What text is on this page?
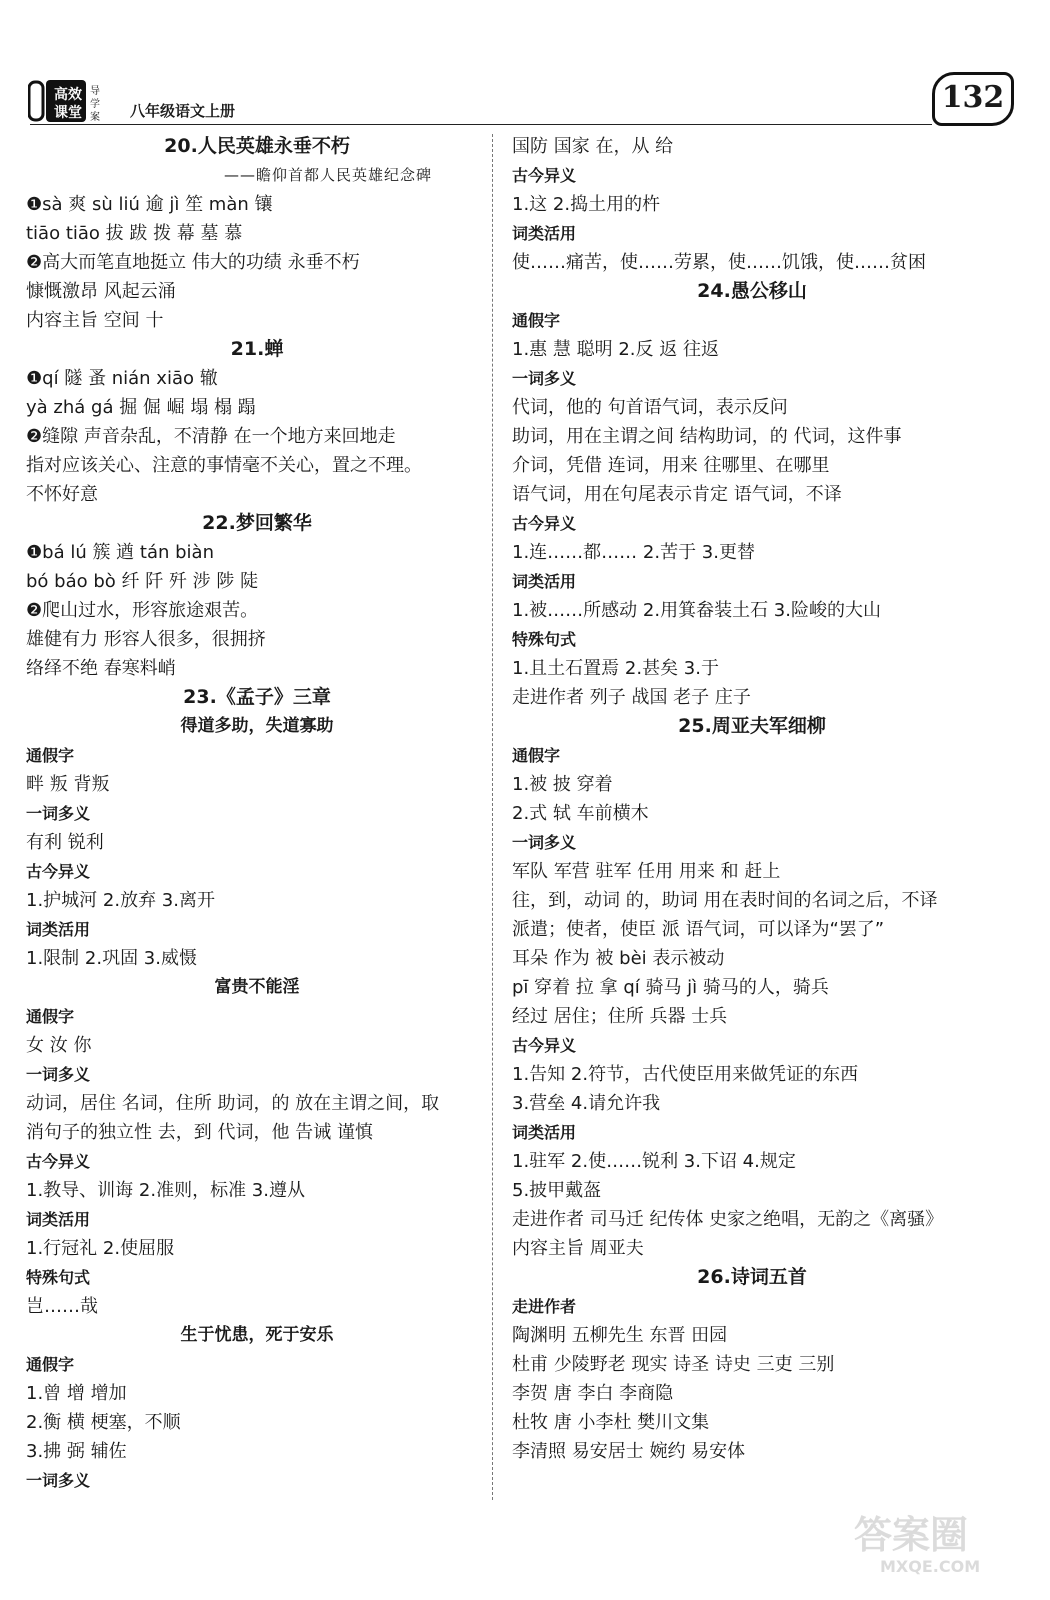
高 效
课 堂
导
学
案 八年级语文上册	132
20.人民英雄永垂不朽
——瞻仰首都人民英雄纪念碑
❶sà 爽 sù liú 逾 jì 笙 màn 镶
tiāo tiāo 拔 跋 拨 幕 墓 慕
❷高大而笔直地挺立 伟大的功绩 永垂不朽
慷慨激昂 风起云涌
内容主旨 空间 十
21.蝉
❶qí 隧 蚤 nián xiāo 辙
yà zhá gá 掘 倔 崛 塌 榻 蹋
❷缝隙 声音杂乱，不清静 在一个地方来回地走
指对应该关心、注意的事情毫不关心，置之不理。
不怀好意
22.梦回繁华
❶bá lú 簇 遒 tán biàn
bó báo bò 纤 阡 歼 涉 陟 陡
❷爬山过水，形容旅途艰苦。
雄健有力 形容人很多，很拥挤
络绎不绝 春寒料峭
23.《孟子》三章
得道多助，失道寡助
通假字
畔 叛 背叛
一词多义
有利 锐利
古今异义
1.护城河 2.放弃 3.离开
词类活用
1.限制 2.巩固 3.威慑
富贵不能淫
通假字
女 汝 你
一词多义
动词，居住 名词，住所 助词，的 放在主谓之间，取
消句子的独立性 去，到 代词，他 告诫 谨慎
古今异义
1.教导、训诲 2.准则，标准 3.遵从
词类活用
1.行冠礼 2.使屈服
特殊句式
岂……哉
生于忧患，死于安乐
通假字
1.曾 增 增加
2.衡 横 梗塞，不顺
3.拂 弼 辅佐
一词多义
国防 国家 在，从 给
古今异义
1.这 2.捣土用的杵
词类活用
使……痛苦，使……劳累，使……饥饿，使……贫困
24.愚公移山
通假字
1.惠 慧 聪明 2.反 返 往返
一词多义
代词，他的 句首语气词，表示反问
助词，用在主谓之间 结构助词，的 代词，这件事
介词，凭借 连词，用来 往哪里、在哪里
语气词，用在句尾表示肯定 语气词，不译
古今异义
1.连……都…… 2.苦于 3.更替
词类活用
1.被……所感动 2.用箕畚装土石 3.险峻的大山
特殊句式
1.且土石置焉 2.甚矣 3.于
走进作者 列子 战国 老子 庄子
25.周亚夫军细柳
通假字
1.被 披 穿着
2.式 轼 车前横木
一词多义
军队 军营 驻军 任用 用来 和 赶上
往，到，动词 的，助词 用在表时间的名词之后，不译
派遣；使者，使臣 派 语气词，可以译为“罢了”
耳朵 作为 被 bèi 表示被动
pī 穿着 拉 拿 qí 骑马 jì 骑马的人，骑兵
经过 居住；住所 兵器 士兵
古今异义
1.告知 2.符节，古代使臣用来做凭证的东西
3.营垒 4.请允许我
词类活用
1.驻军 2.使……锐利 3.下诏 4.规定
5.披甲戴盔
走进作者 司马迁 纪传体 史家之绝唱，无韵之《离骚》
内容主旨 周亚夫
26.诗词五首
走进作者
陶渊明 五柳先生 东晋 田园
杜甫 少陵野老 现实 诗圣 诗史 三吏 三别
李贺 唐 李白 李商隐
杜牧 唐 小李杜 樊川文集
李清照 易安居士 婉约 易安体
答案圈
MXQE.COM
